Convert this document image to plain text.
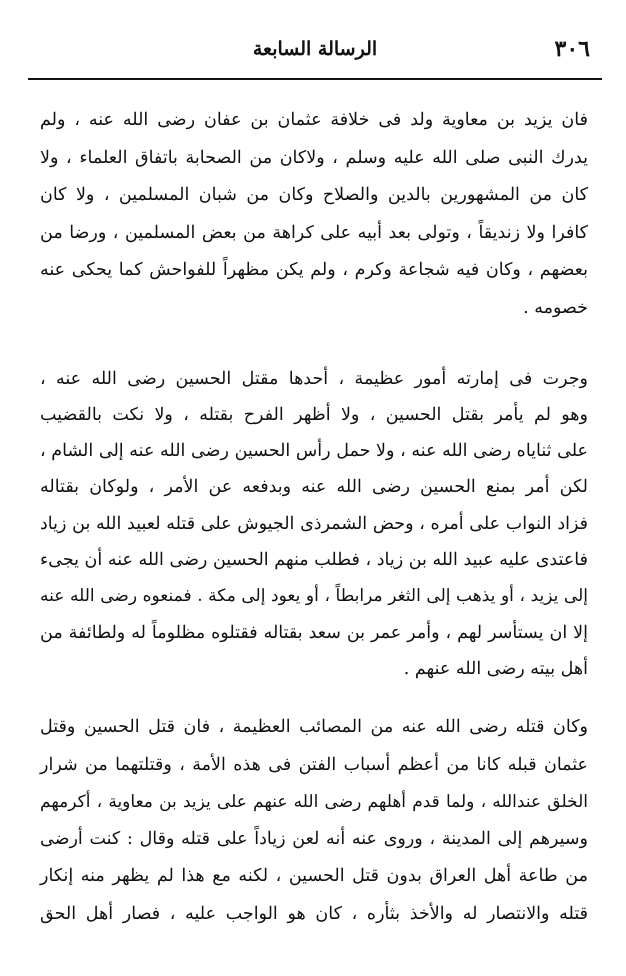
٣٠٦
الرسالة السابعة
فان يزيد بن معاوية ولد فى خلافة عثمان بن عفان رضى الله عنه ، ولم
يدرك النبى صلى الله عليه وسلم ، ولاكان من الصحابة باتفاق العلماء ، ولا
كان من المشهورين بالدين والصلاح وكان من شبان المسلمين ، ولا كان
كافرا ولا زنديقاً ، وتولى بعد أبيه على كراهة من بعض المسلمين ، ورضا من
بعضهم ، وكان فيه شجاعة وكرم ، ولم يكن مظهراً للفواحش كما يحكى عنه
خصومه .
وجرت فى إمارته أمور عظيمة ، أحدها مقتل الحسين رضى الله عنه ،
وهو لم يأمر بقتل الحسين ، ولا أظهر الفرح بقتله ، ولا نكت بالقضيب
على ثناياه رضى الله عنه ، ولا حمل رأس الحسين رضى الله عنه إلى الشام ،
لكن أمر بمنع الحسين رضى الله عنه وبدفعه عن الأمر ، ولوكان بقتاله
فزاد النواب على أمره ، وحض الشمرذى الجيوش على قتله لعبيد الله بن زياد
فاعتدى عليه عبيد الله بن زياد ، فطلب منهم الحسين رضى الله عنه أن يجىء
إلى يزيد ، أو يذهب إلى الثغر مرابطاً ، أو يعود إلى مكة . فمنعوه رضى الله عنه
إلا ان يستأسر لهم ، وأمر عمر بن سعد بقتاله فقتلوه مظلوماً له ولطائفة من
أهل بيته رضى الله عنهم .
وكان قتله رضى الله عنه من المصائب العظيمة ، فان قتل الحسين وقتل
عثمان قبله كانا من أعظم أسباب الفتن فى هذه الأمة ، وقتلتهما من شرار
الخلق عندالله ، ولما قدم أهلهم رضى الله عنهم على يزيد بن معاوية ، أكرمهم
وسيرهم إلى المدينة ، وروى عنه أنه لعن زياداً على قتله وقال : كنت أرضى
من طاعة أهل العراق بدون قتل الحسين ، لكنه مع هذا لم يظهر منه إنكار
قتله والانتصار له والأخذ بثأره ، كان هو الواجب عليه ، فصار أهل الحق
